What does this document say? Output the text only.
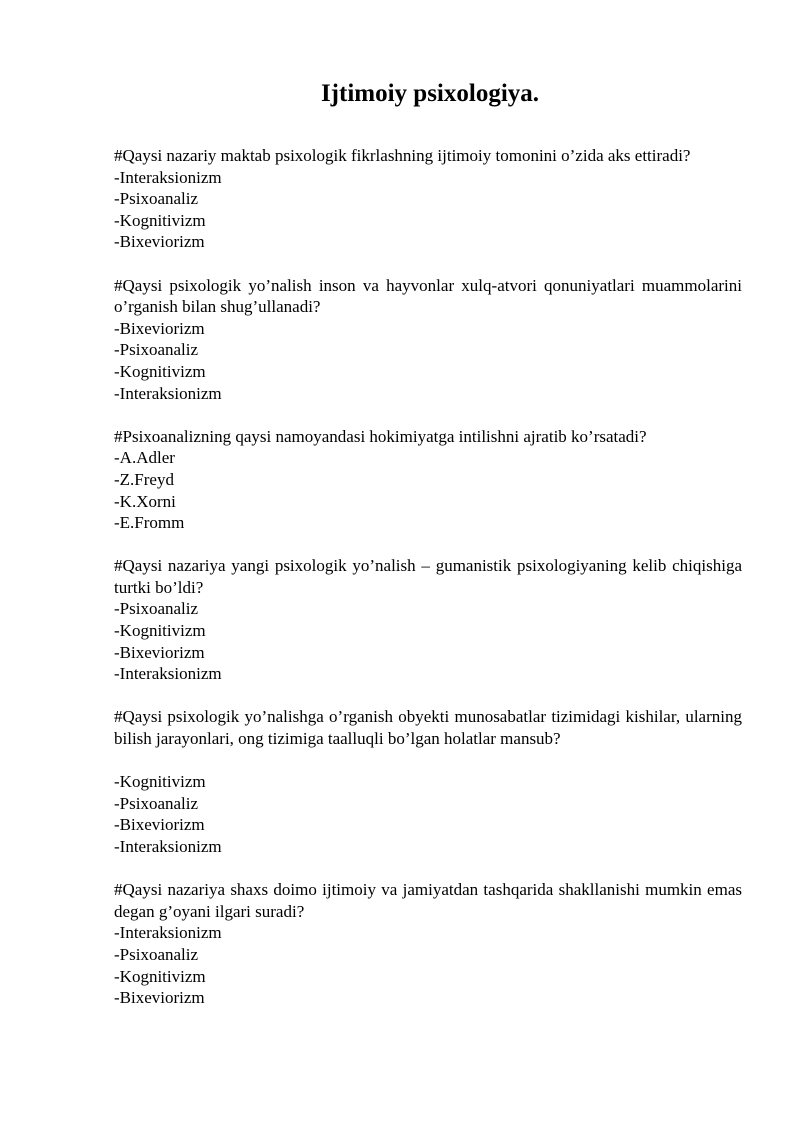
Ijtimoiy psixologiya.

#Qaysi nazariy maktab psixologik fikrlashning ijtimoiy tomonini o’zida aks ettiradi?

-Interaksionizm
-Psixoanaliz
-Kognitivizm
-Bixeviorizm

#Qaysi psixologik yo’nalish inson va hayvonlar xulq-atvori qonuniyatlari muammolarini o’rganish bilan shug’ullanadi?

-Bixeviorizm
-Psixoanaliz
-Kognitivizm
-Interaksionizm

#Psixoanalizning qaysi namoyandasi hokimiyatga intilishni ajratib ko’rsatadi?

-A.Adler
-Z.Freyd
-K.Xorni
-E.Fromm

#Qaysi nazariya yangi psixologik yo’nalish – gumanistik psixologiyaning kelib chiqishiga turtki bo’ldi?

-Psixoanaliz
-Kognitivizm
-Bixeviorizm
-Interaksionizm

#Qaysi psixologik yo’nalishga o’rganish obyekti munosabatlar tizimidagi kishilar, ularning bilish jarayonlari, ong tizimiga taalluqli bo’lgan holatlar mansub?

-Kognitivizm
-Psixoanaliz
-Bixeviorizm
-Interaksionizm

#Qaysi nazariya shaxs doimo ijtimoiy va jamiyatdan tashqarida shakllanishi mumkin emas degan g’oyani ilgari suradi?

-Interaksionizm
-Psixoanaliz
-Kognitivizm
-Bixeviorizm
